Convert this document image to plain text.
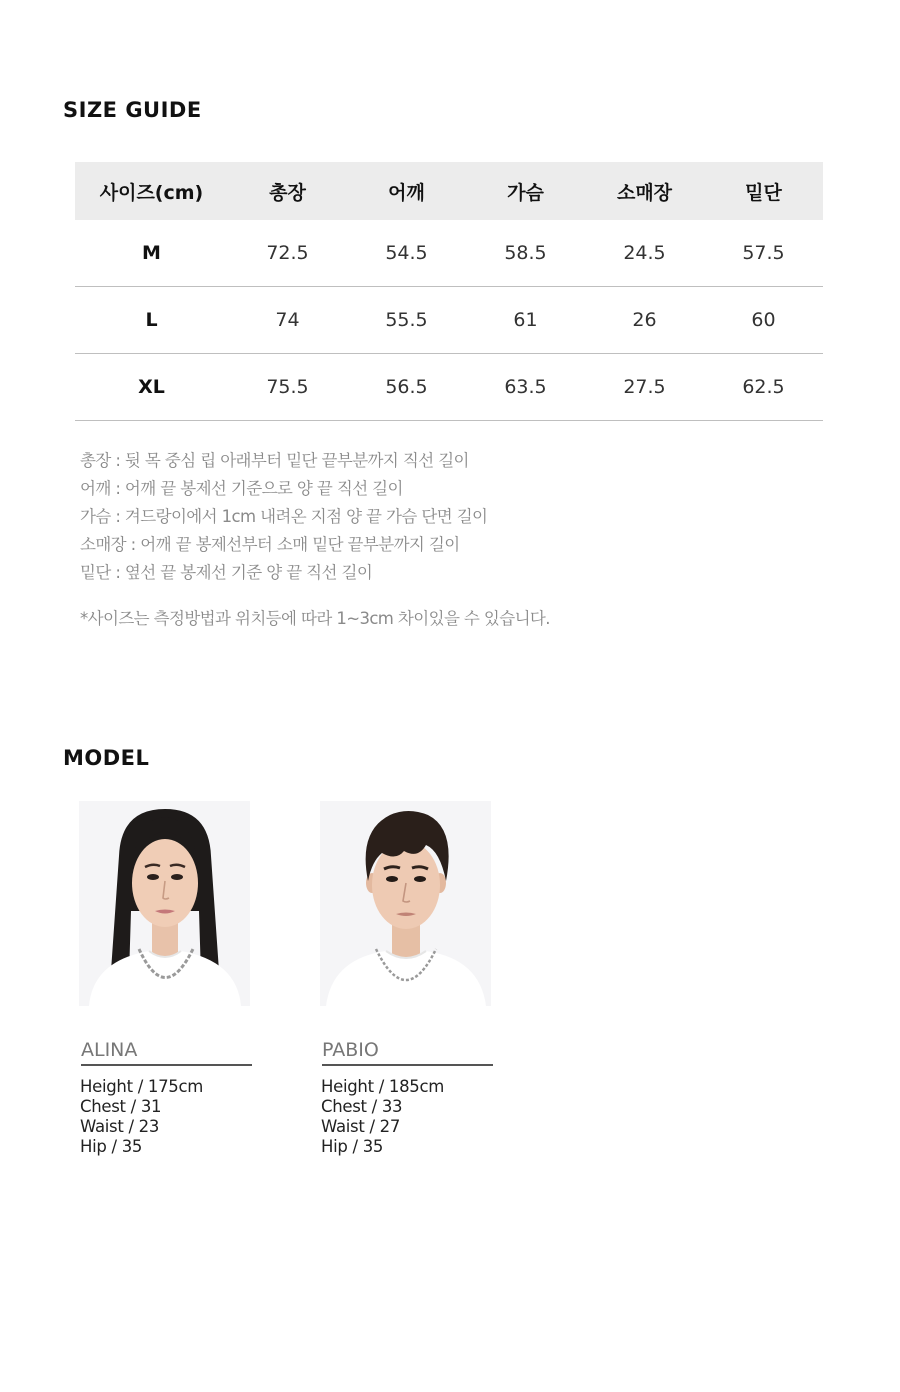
SIZE GUIDE
사이즈(cm)	총장	어깨	가슴	소매장	밑단
M	72.5	54.5	58.5	24.5	57.5
L	74	55.5	61	26	60
XL	75.5	56.5	63.5	27.5	62.5
총장 : 뒷 목 중심 립 아래부터 밑단 끝부분까지 직선 길이
어깨 : 어깨 끝 봉제선 기준으로 양 끝 직선 길이
가슴 : 겨드랑이에서 1cm 내려온 지점 양 끝 가슴 단면 길이
소매장 : 어깨 끝 봉제선부터 소매 밑단 끝부분까지 길이
밑단 : 옆선 끝 봉제선 기준 양 끝 직선 길이
*사이즈는 측정방법과 위치등에 따라 1~3cm 차이있을 수 있습니다.
MODEL
ALINA
Height / 175cm
Chest / 31
Waist / 23
Hip / 35
PABIO
Height / 185cm
Chest / 33
Waist / 27
Hip / 35
